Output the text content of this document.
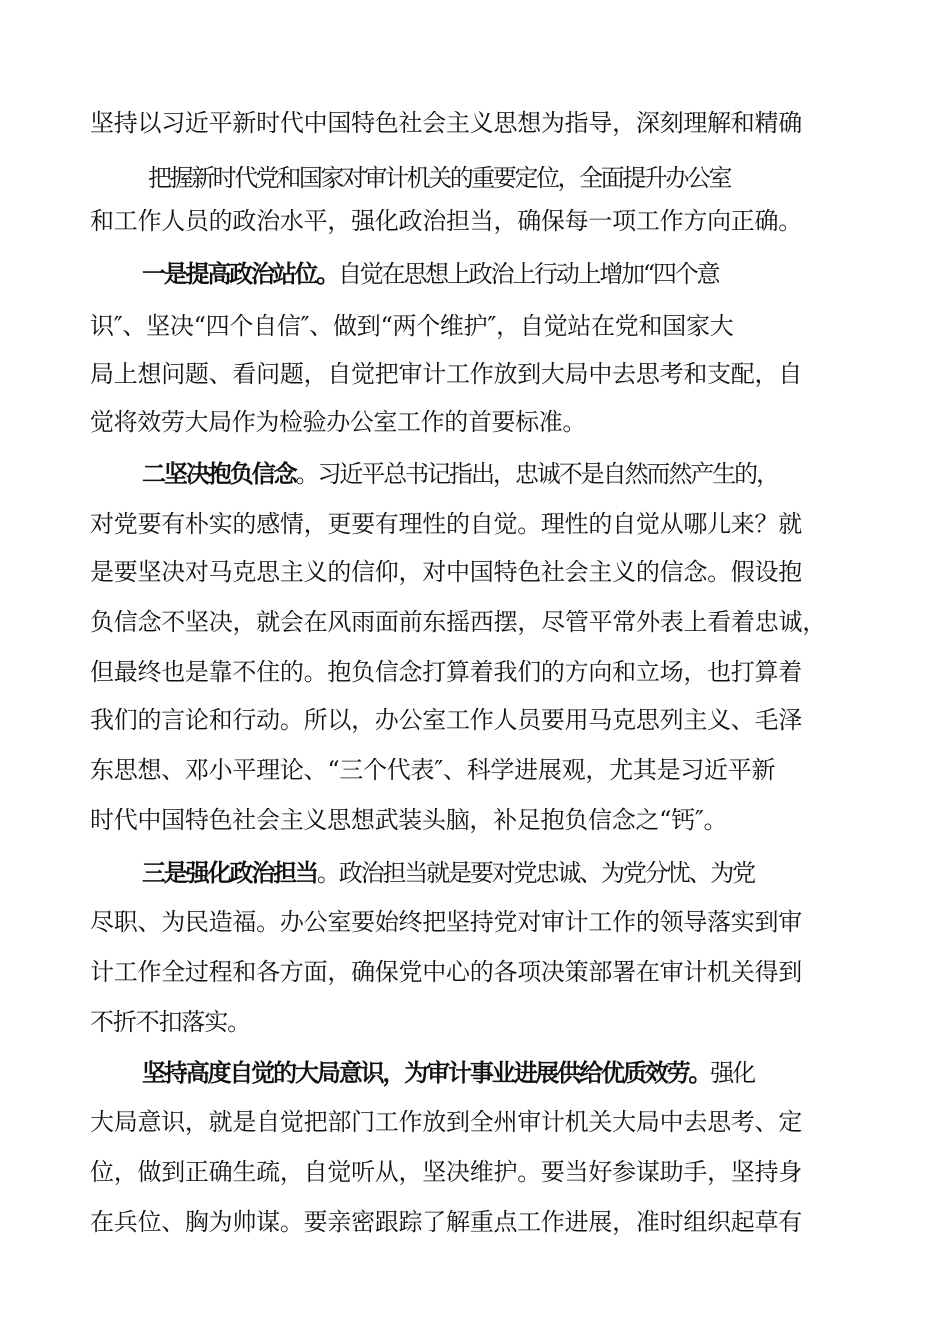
坚持以习近平新时代中国特色社会主义思想为指导，深刻理解和精确

把握新时代党和国家对审计机关的重要定位，全面提升办公室

和工作人员的政治水平，强化政治担当，确保每一项工作方向正确。

一是提高政治站位。自觉在思想上政治上行动上增加“四个意

识″、坚决“四个自信″、做到“两个维护″，自觉站在党和国家大

局上想问题、看问题，自觉把审计工作放到大局中去思考和支配，自

觉将效劳大局作为检验办公室工作的首要标准。

二坚决抱负信念。习近平总书记指出，忠诚不是自然而然产生的，

对党要有朴实的感情，更要有理性的自觉。理性的自觉从哪儿来？就

是要坚决对马克思主义的信仰，对中国特色社会主义的信念。假设抱

负信念不坚决，就会在风雨面前东摇西摆，尽管平常外表上看着忠诚，

但最终也是靠不住的。抱负信念打算着我们的方向和立场，也打算着

我们的言论和行动。所以，办公室工作人员要用马克思列主义、毛泽

东思想、邓小平理论、“三个代表″、科学进展观，尤其是习近平新

时代中国特色社会主义思想武装头脑，补足抱负信念之“钙″。

三是强化政治担当。政治担当就是要对党忠诚、为党分忧、为党

尽职、为民造福。办公室要始终把坚持党对审计工作的领导落实到审

计工作全过程和各方面，确保党中心的各项决策部署在审计机关得到

不折不扣落实。

坚持高度自觉的大局意识，为审计事业进展供给优质效劳。强化

大局意识，就是自觉把部门工作放到全州审计机关大局中去思考、定

位，做到正确生疏，自觉听从，坚决维护。要当好参谋助手，坚持身

在兵位、胸为帅谋。要亲密跟踪了解重点工作进展，准时组织起草有
